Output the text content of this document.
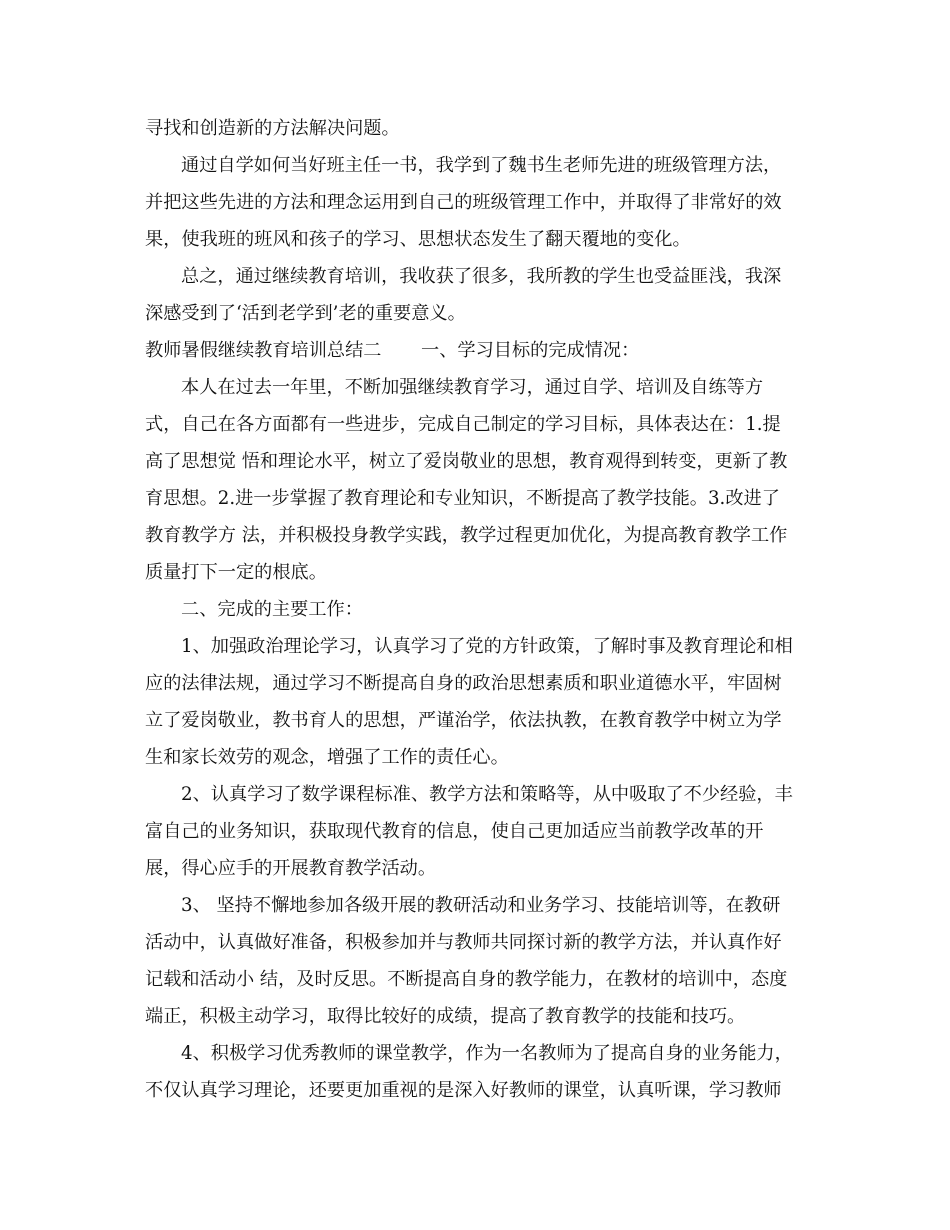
寻找和创造新的方法解决问题。
通过自学如何当好班主任一书，我学到了魏书生老师先进的班级管理方法，
并把这些先进的方法和理念运用到自己的班级管理工作中，并取得了非常好的效
果，使我班的班风和孩子的学习、思想状态发生了翻天覆地的变化。
总之，通过继续教育培训，我收获了很多，我所教的学生也受益匪浅，我深
深感受到了‘活到老学到’老的重要意义。
教师暑假继续教育培训总结二 一、学习目标的完成情况：
本人在过去一年里，不断加强继续教育学习，通过自学、培训及自练等方
式，自己在各方面都有一些进步，完成自己制定的学习目标，具体表达在：1.提
高了思想觉 悟和理论水平，树立了爱岗敬业的思想，教育观得到转变，更新了教
育思想。2.进一步掌握了教育理论和专业知识，不断提高了教学技能。3.改进了
教育教学方 法，并积极投身教学实践，教学过程更加优化，为提高教育教学工作
质量打下一定的根底。
二、完成的主要工作：
1、加强政治理论学习，认真学习了党的方针政策，了解时事及教育理论和相
应的法律法规，通过学习不断提高自身的政治思想素质和职业道德水平，牢固树
立了爱岗敬业，教书育人的思想，严谨治学，依法执教，在教育教学中树立为学
生和家长效劳的观念，增强了工作的责任心。
2、认真学习了数学课程标准、教学方法和策略等，从中吸取了不少经验，丰
富自己的业务知识，获取现代教育的信息，使自己更加适应当前教学改革的开
展，得心应手的开展教育教学活动。
3、 坚持不懈地参加各级开展的教研活动和业务学习、技能培训等，在教研
活动中，认真做好准备，积极参加并与教师共同探讨新的教学方法，并认真作好
记载和活动小 结，及时反思。不断提高自身的教学能力，在教材的培训中，态度
端正，积极主动学习，取得比较好的成绩，提高了教育教学的技能和技巧。
4、积极学习优秀教师的课堂教学，作为一名教师为了提高自身的业务能力，
不仅认真学习理论，还要更加重视的是深入好教师的课堂，认真听课，学习教师
